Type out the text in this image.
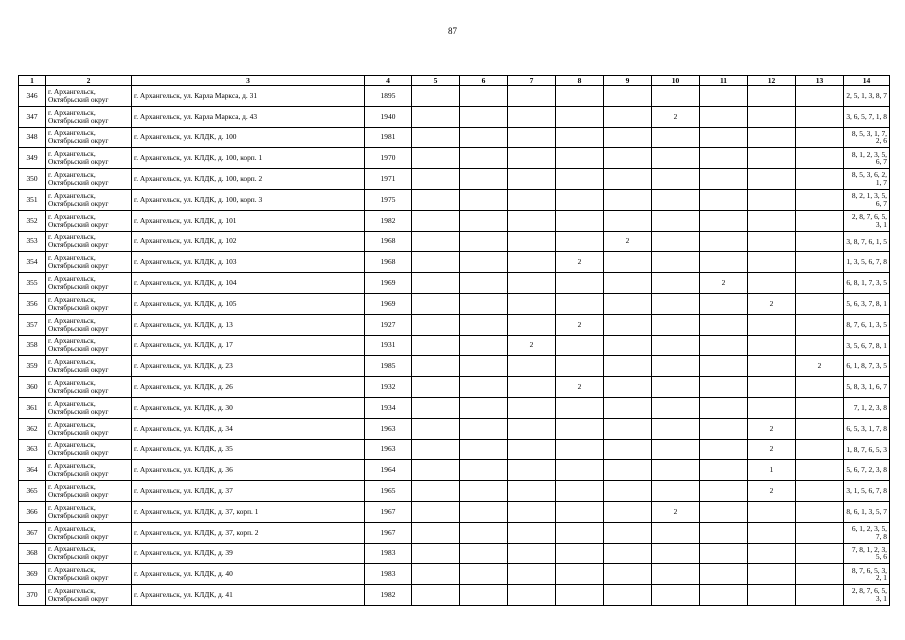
87
1	2	3	4	5	6	7	8	9	10	11	12	13	14
346	г. Архангельск,
Октябрьский округ	г. Архангельск, ул. Карла Маркса, д. 31	1895										2, 5, 1, 3, 8, 7
347	г. Архангельск,
Октябрьский округ	г. Архангельск, ул. Карла Маркса, д. 43	1940						2				3, 6, 5, 7, 1, 8
348	г. Архангельск,
Октябрьский округ	г. Архангельск, ул. КЛДК, д. 100	1981										8, 5, 3, 1, 7, 2, 6
349	г. Архангельск,
Октябрьский округ	г. Архангельск, ул. КЛДК, д. 100, корп. 1	1970										8, 1, 2, 3, 5, 6, 7
350	г. Архангельск,
Октябрьский округ	г. Архангельск, ул. КЛДК, д. 100, корп. 2	1971										8, 5, 3, 6, 2, 1, 7
351	г. Архангельск,
Октябрьский округ	г. Архангельск, ул. КЛДК, д. 100, корп. 3	1975										8, 2, 1, 3, 5, 6, 7
352	г. Архангельск,
Октябрьский округ	г. Архангельск, ул. КЛДК, д. 101	1982										2, 8, 7, 6, 5, 3, 1
353	г. Архангельск,
Октябрьский округ	г. Архангельск, ул. КЛДК, д. 102	1968					2					3, 8, 7, 6, 1, 5
354	г. Архангельск,
Октябрьский округ	г. Архангельск, ул. КЛДК, д. 103	1968				2						1, 3, 5, 6, 7, 8
355	г. Архангельск,
Октябрьский округ	г. Архангельск, ул. КЛДК, д. 104	1969							2			6, 8, 1, 7, 3, 5
356	г. Архангельск,
Октябрьский округ	г. Архангельск, ул. КЛДК, д. 105	1969								2		5, 6, 3, 7, 8, 1
357	г. Архангельск,
Октябрьский округ	г. Архангельск, ул. КЛДК, д. 13	1927				2						8, 7, 6, 1, 3, 5
358	г. Архангельск,
Октябрьский округ	г. Архангельск, ул. КЛДК, д. 17	1931			2							3, 5, 6, 7, 8, 1
359	г. Архангельск,
Октябрьский округ	г. Архангельск, ул. КЛДК, д. 23	1985									2	6, 1, 8, 7, 3, 5
360	г. Архангельск,
Октябрьский округ	г. Архангельск, ул. КЛДК, д. 26	1932				2						5, 8, 3, 1, 6, 7
361	г. Архангельск,
Октябрьский округ	г. Архангельск, ул. КЛДК, д. 30	1934										7, 1, 2, 3, 8
362	г. Архангельск,
Октябрьский округ	г. Архангельск, ул. КЛДК, д. 34	1963								2		6, 5, 3, 1, 7, 8
363	г. Архангельск,
Октябрьский округ	г. Архангельск, ул. КЛДК, д. 35	1963								2		1, 8, 7, 6, 5, 3
364	г. Архангельск,
Октябрьский округ	г. Архангельск, ул. КЛДК, д. 36	1964								1		5, 6, 7, 2, 3, 8
365	г. Архангельск,
Октябрьский округ	г. Архангельск, ул. КЛДК, д. 37	1965								2		3, 1, 5, 6, 7, 8
366	г. Архангельск,
Октябрьский округ	г. Архангельск, ул. КЛДК, д. 37, корп. 1	1967						2				8, 6, 1, 3, 5, 7
367	г. Архангельск,
Октябрьский округ	г. Архангельск, ул. КЛДК, д. 37, корп. 2	1967										6, 1, 2, 3, 5, 7, 8
368	г. Архангельск,
Октябрьский округ	г. Архангельск, ул. КЛДК, д. 39	1983										7, 8, 1, 2, 3, 5, 6
369	г. Архангельск,
Октябрьский округ	г. Архангельск, ул. КЛДК, д. 40	1983										8, 7, 6, 5, 3, 2, 1
370	г. Архангельск,
Октябрьский округ	г. Архангельск, ул. КЛДК, д. 41	1982										2, 8, 7, 6, 5, 3, 1
